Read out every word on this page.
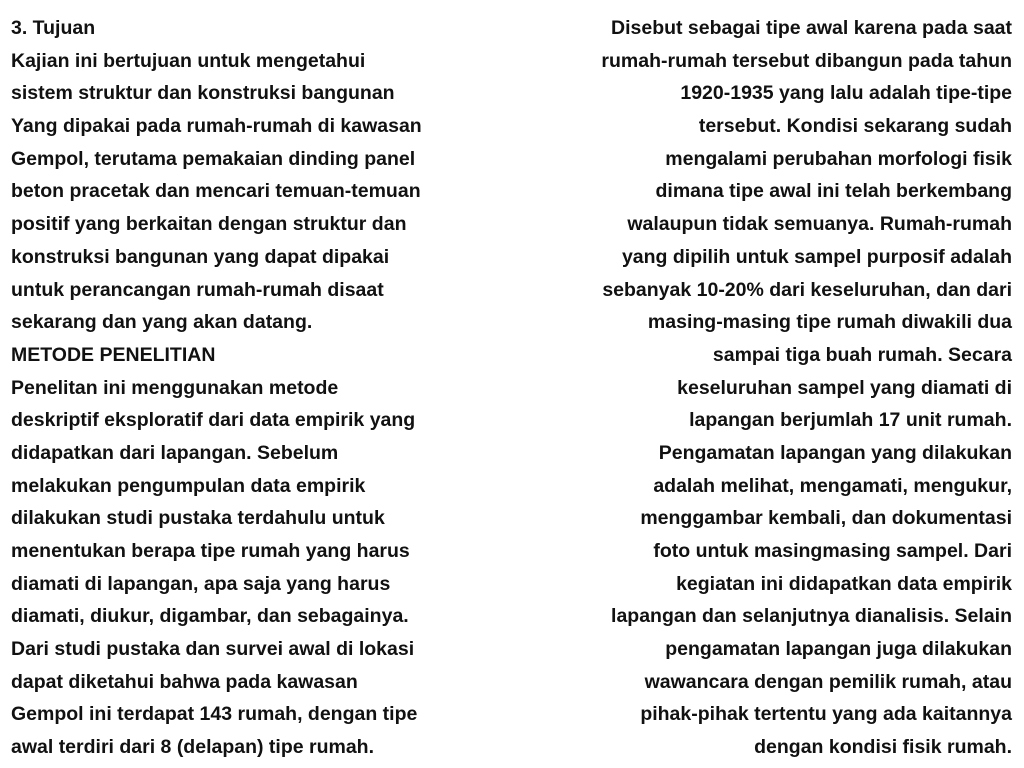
3. Tujuan
Kajian ini bertujuan untuk mengetahui
sistem struktur dan konstruksi bangunan
Yang dipakai pada rumah-rumah di kawasan
Gempol, terutama pemakaian dinding panel
beton pracetak dan mencari temuan-temuan
positif yang berkaitan dengan struktur dan
konstruksi bangunan yang dapat dipakai
untuk perancangan rumah-rumah disaat
sekarang dan yang akan datang.
METODE PENELITIAN
Penelitan ini menggunakan metode
deskriptif eksploratif dari data empirik yang
didapatkan dari lapangan. Sebelum
melakukan pengumpulan data empirik
dilakukan studi pustaka terdahulu untuk
menentukan berapa tipe rumah yang harus
diamati di lapangan, apa saja yang harus
diamati, diukur, digambar, dan sebagainya.
Dari studi pustaka dan survei awal di lokasi
dapat diketahui bahwa pada kawasan
Gempol ini terdapat 143 rumah, dengan tipe
awal terdiri dari 8 (delapan) tipe rumah.
Disebut sebagai tipe awal karena pada saat
rumah-rumah tersebut dibangun pada tahun
1920-1935 yang lalu adalah tipe-tipe
tersebut. Kondisi sekarang sudah
mengalami perubahan morfologi fisik
dimana tipe awal ini telah berkembang
walaupun tidak semuanya. Rumah-rumah
yang dipilih untuk sampel purposif adalah
sebanyak 10-20% dari keseluruhan, dan dari
masing-masing tipe rumah diwakili dua
sampai tiga buah rumah. Secara
keseluruhan sampel yang diamati di
lapangan berjumlah 17 unit rumah.
Pengamatan lapangan yang dilakukan
adalah melihat, mengamati, mengukur,
menggambar kembali, dan dokumentasi
foto untuk masingmasing sampel. Dari
kegiatan ini didapatkan data empirik
lapangan dan selanjutnya dianalisis. Selain
pengamatan lapangan juga dilakukan
wawancara dengan pemilik rumah, atau
pihak-pihak tertentu yang ada kaitannya
dengan kondisi fisik rumah.
